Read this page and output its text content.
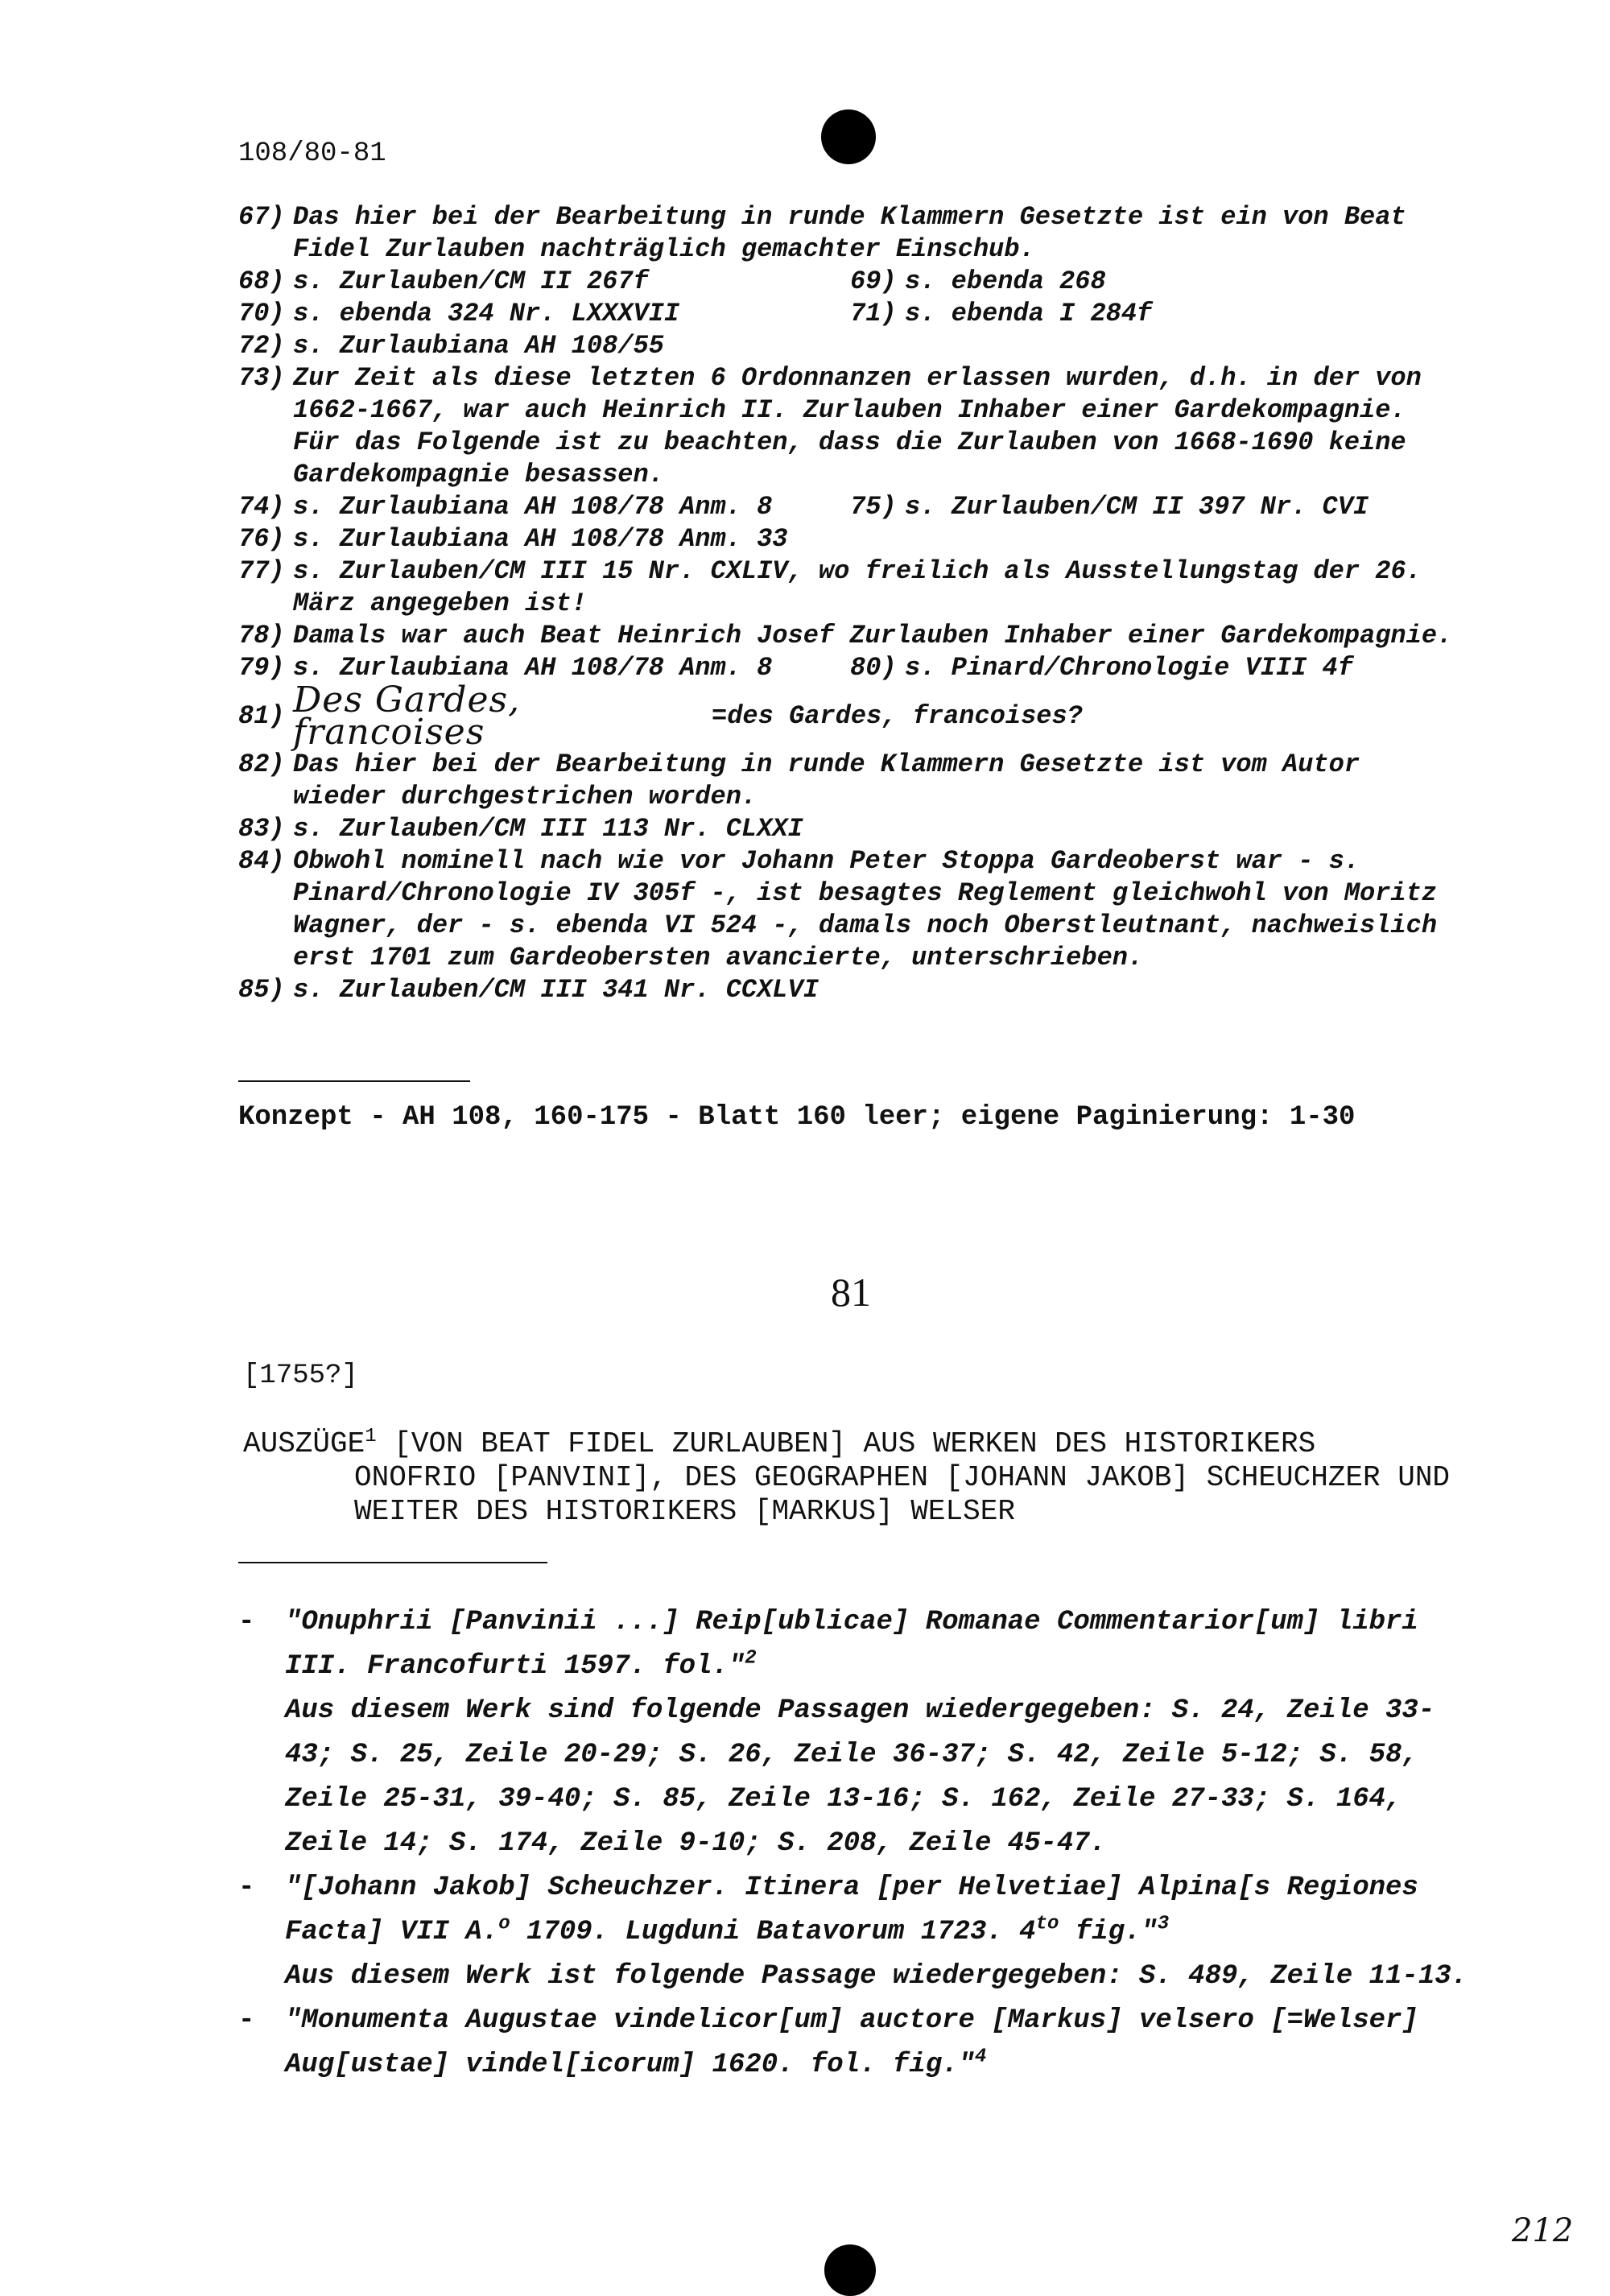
108/80-81
67) Das hier bei der Bearbeitung in runde Klammern Gesetzte ist ein von Beat Fidel Zurlauben nachträglich gemachter Einschub.
68) s. Zurlauben/CM II 267f	69) s. ebenda 268
70) s. ebenda 324 Nr. LXXXVII	71) s. ebenda I 284f
72) s. Zurlaubiana AH 108/55
73) Zur Zeit als diese letzten 6 Ordonnanzen erlassen wurden, d.h. in der von 1662-1667, war auch Heinrich II. Zurlauben Inhaber einer Gardekompagnie. Für das Folgende ist zu beachten, dass die Zurlauben von 1668-1690 keine Gardekompagnie besassen.
74) s. Zurlaubiana AH 108/78 Anm. 8	75) s. Zurlauben/CM II 397 Nr. CVI
76) s. Zurlaubiana AH 108/78 Anm. 33
77) s. Zurlauben/CM III 15 Nr. CXLIV, wo freilich als Ausstellungstag der 26. März angegeben ist!
78) Damals war auch Beat Heinrich Josef Zurlauben Inhaber einer Gardekompagnie.
79) s. Zurlaubiana AH 108/78 Anm. 8	80) s. Pinard/Chronologie VIII 4f
81) Des Gardes, francoises	=des Gardes, francoises?
82) Das hier bei der Bearbeitung in runde Klammern Gesetzte ist vom Autor wieder durchgestrichen worden.
83) s. Zurlauben/CM III 113 Nr. CLXXI
84) Obwohl nominell nach wie vor Johann Peter Stoppa Gardeoberst war - s. Pinard/Chronologie IV 305f -, ist besagtes Reglement gleichwohl von Moritz Wagner, der - s. ebenda VI 524 -, damals noch Oberstleutnant, nachweislich erst 1701 zum Gardeobersten avancierte, unterschrieben.
85) s. Zurlauben/CM III 341 Nr. CCXLVI
Konzept - AH 108, 160-175 - Blatt 160 leer; eigene Paginierung: 1-30
81
[1755?]
AUSZÜGE$^1$ [VON BEAT FIDEL ZURLAUBEN] AUS WERKEN DES HISTORIKERS
ONOFRIO [PANVINI], DES GEOGRAPHEN [JOHANN JAKOB] SCHEUCHZER UND WEITER DES HISTORIKERS [MARKUS] WELSER
-	"Onuphrii [Panvinii ...] Reip[ublicae] Romanae Commentarior[um] libri III. Francofurti 1597. fol."$^2$
Aus diesem Werk sind folgende Passagen wiedergegeben: S. 24, Zeile 33-43; S. 25, Zeile 20-29; S. 26, Zeile 36-37; S. 42, Zeile 5-12; S. 58, Zeile 25-31, 39-40; S. 85, Zeile 13-16; S. 162, Zeile 27-33; S. 164, Zeile 14; S. 174, Zeile 9-10; S. 208, Zeile 45-47.
-	"[Johann Jakob] Scheuchzer. Itinera [per Helvetiae] Alpina[s Regiones Facta] VII A.$^o$ 1709. Lugduni Batavorum 1723. $4^{to}$ fig."$^3$
Aus diesem Werk ist folgende Passage wiedergegeben: S. 489, Zeile 11-13.
-	"Monumenta Augustae vindelicor[um] auctore [Markus] velsero [=Welser] Aug[ustae] vindel[icorum] 1620. fol. fig."$^4$
212
